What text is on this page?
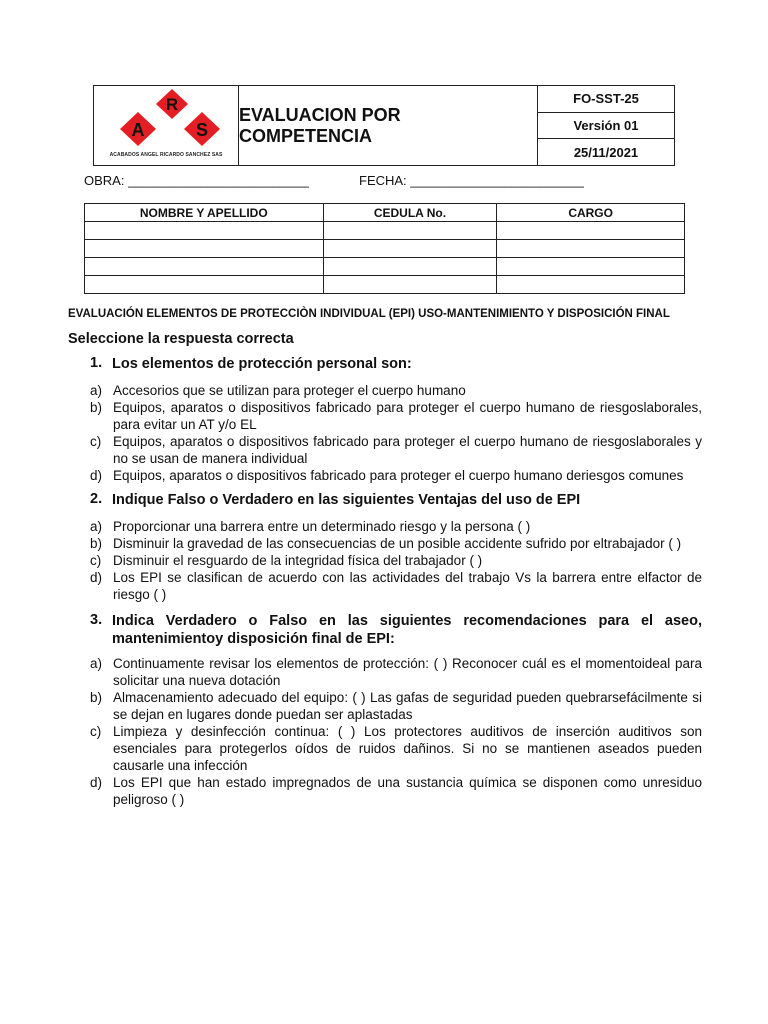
R
A	S
ACABADOS ANGEL RICARDO SANCHEZ SAS
EVALUACION POR COMPETENCIA
FO-SST-25
Versión 01
25/11/2021
OBRA: _________________________	FECHA: ________________________
NOMBRE Y APELLIDO	CEDULA No.	CARGO

EVALUACIÓN ELEMENTOS DE PROTECCIÒN INDIVIDUAL (EPI) USO-MANTENIMIENTO Y DISPOSICIÓN FINAL
Seleccione la respuesta correcta
1. Los elementos de protección personal son:
a) Accesorios que se utilizan para proteger el cuerpo humano
b) Equipos, aparatos o dispositivos fabricado para proteger el cuerpo humano de riesgoslaborales, para evitar un AT y/o EL
c) Equipos, aparatos o dispositivos fabricado para proteger el cuerpo humano de riesgoslaborales y no se usan de manera individual
d) Equipos, aparatos o dispositivos fabricado para proteger el cuerpo humano deriesgos comunes
2. Indique Falso o Verdadero en las siguientes Ventajas del uso de EPI
a) Proporcionar una barrera entre un determinado riesgo y la persona ( )
b) Disminuir la gravedad de las consecuencias de un posible accidente sufrido por eltrabajador ( )
c) Disminuir el resguardo de la integridad física del trabajador ( )
d) Los EPI se clasifican de acuerdo con las actividades del trabajo Vs la barrera entre elfactor de riesgo ( )
3. Indica Verdadero o Falso en las siguientes recomendaciones para el aseo, mantenimientoy disposición final de EPI:
a) Continuamente revisar los elementos de protección: ( ) Reconocer cuál es el momentoideal para solicitar una nueva dotación
b) Almacenamiento adecuado del equipo: ( ) Las gafas de seguridad pueden quebrarsefácilmente si se dejan en lugares donde puedan ser aplastadas
c) Limpieza y desinfección continua: ( ) Los protectores auditivos de inserción auditivos son esenciales para protegerlos oídos de ruidos dañinos. Si no se mantienen aseados pueden causarle una infección
d) Los EPI que han estado impregnados de una sustancia química se disponen como unresiduo peligroso ( )
